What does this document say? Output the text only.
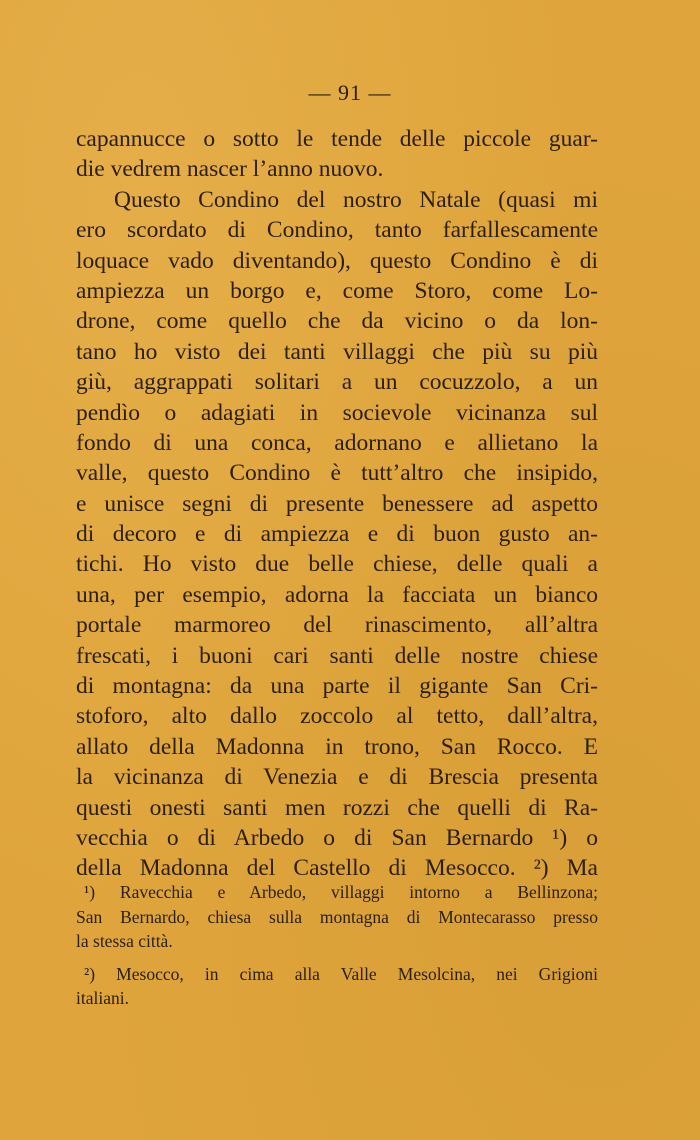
— 91 —
capannucce o sotto le tende delle piccole guar-
die vedrem nascer l’anno nuovo.
Questo Condino del nostro Natale (quasi mi
ero scordato di Condino, tanto farfallescamente
loquace vado diventando), questo Condino è di
ampiezza un borgo e, come Storo, come Lo-
drone, come quello che da vicino o da lon-
tano ho visto dei tanti villaggi che più su più
giù, aggrappati solitari a un cocuzzolo, a un
pendìo o adagiati in socievole vicinanza sul
fondo di una conca, adornano e allietano la
valle, questo Condino è tutt’altro che insipido,
e unisce segni di presente benessere ad aspetto
di decoro e di ampiezza e di buon gusto an-
tichi. Ho visto due belle chiese, delle quali a
una, per esempio, adorna la facciata un bianco
portale marmoreo del rinascimento, all’altra
frescati, i buoni cari santi delle nostre chiese
di montagna: da una parte il gigante San Cri-
stoforo, alto dallo zoccolo al tetto, dall’altra,
allato della Madonna in trono, San Rocco. E
la vicinanza di Venezia e di Brescia presenta
questi onesti santi men rozzi che quelli di Ra-
vecchia o di Arbedo o di San Bernardo ¹) o
della Madonna del Castello di Mesocco. ²) Ma
¹) Ravecchia e Arbedo, villaggi intorno a Bellinzona;
San Bernardo, chiesa sulla montagna di Montecarasso presso
la stessa città.
²) Mesocco, in cima alla Valle Mesolcina, nei Grigioni
italiani.
